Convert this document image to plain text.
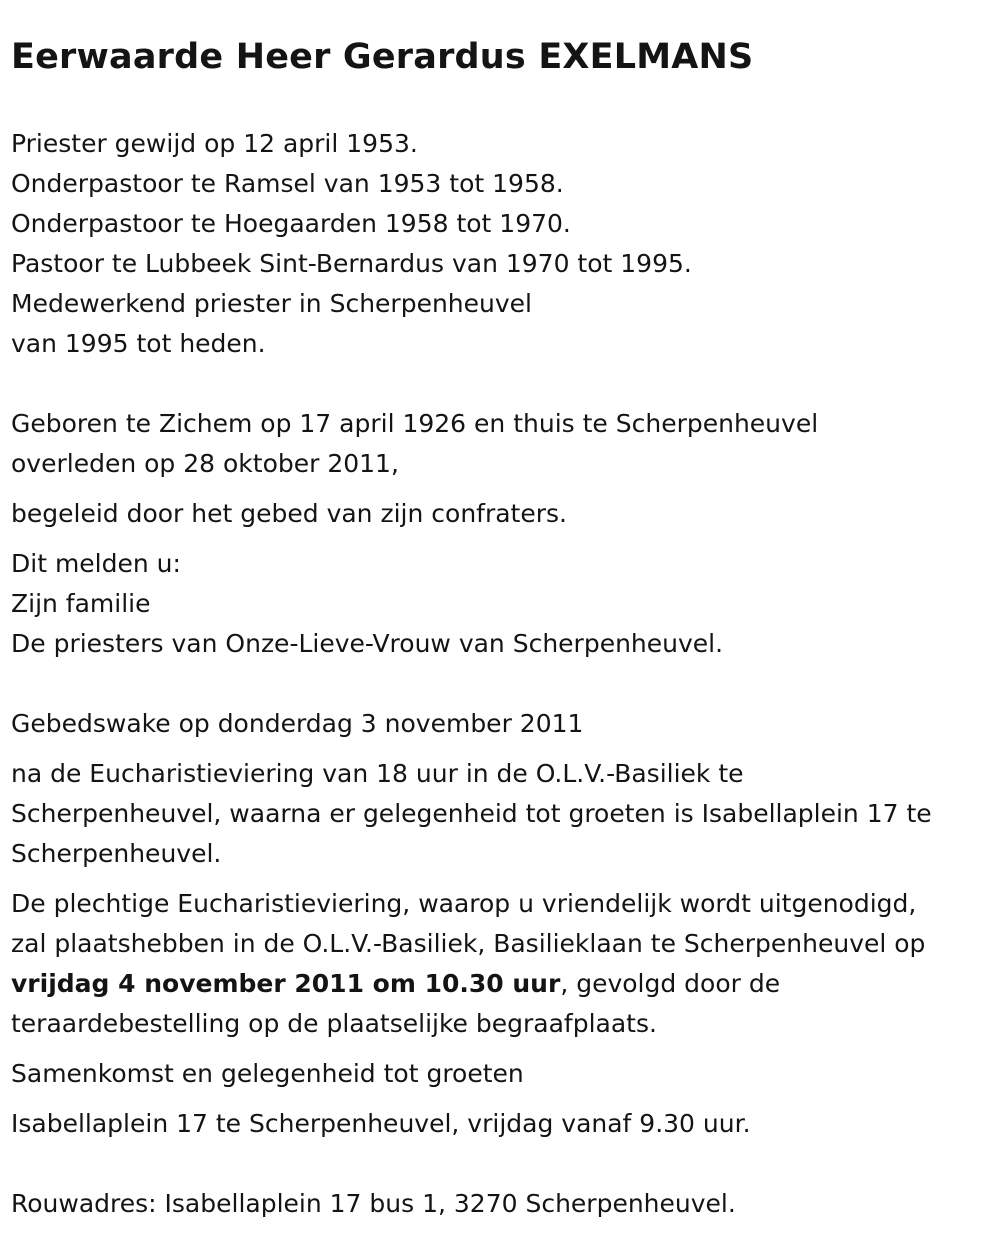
Eerwaarde Heer Gerardus EXELMANS
Priester gewijd op 12 april 1953.
Onderpastoor te Ramsel van 1953 tot 1958.
Onderpastoor te Hoegaarden 1958 tot 1970.
Pastoor te Lubbeek Sint-Bernardus van 1970 tot 1995.
Medewerkend priester in Scherpenheuvel
van 1995 tot heden.
Geboren te Zichem op 17 april 1926 en thuis te Scherpenheuvel
overleden op 28 oktober 2011,
begeleid door het gebed van zijn confraters.
Dit melden u:
Zijn familie
De priesters van Onze-Lieve-Vrouw van Scherpenheuvel.
Gebedswake op donderdag 3 november 2011
na de Eucharistieviering van 18 uur in de O.L.V.-Basiliek te
Scherpenheuvel, waarna er gelegenheid tot groeten is Isabellaplein 17 te
Scherpenheuvel.
De plechtige Eucharistieviering, waarop u vriendelijk wordt uitgenodigd,
zal plaatshebben in de O.L.V.-Basiliek, Basilieklaan te Scherpenheuvel op
vrijdag 4 november 2011 om 10.30 uur, gevolgd door de
teraardebestelling op de plaatselijke begraafplaats.
Samenkomst en gelegenheid tot groeten
Isabellaplein 17 te Scherpenheuvel, vrijdag vanaf 9.30 uur.
Rouwadres: Isabellaplein 17 bus 1, 3270 Scherpenheuvel.
